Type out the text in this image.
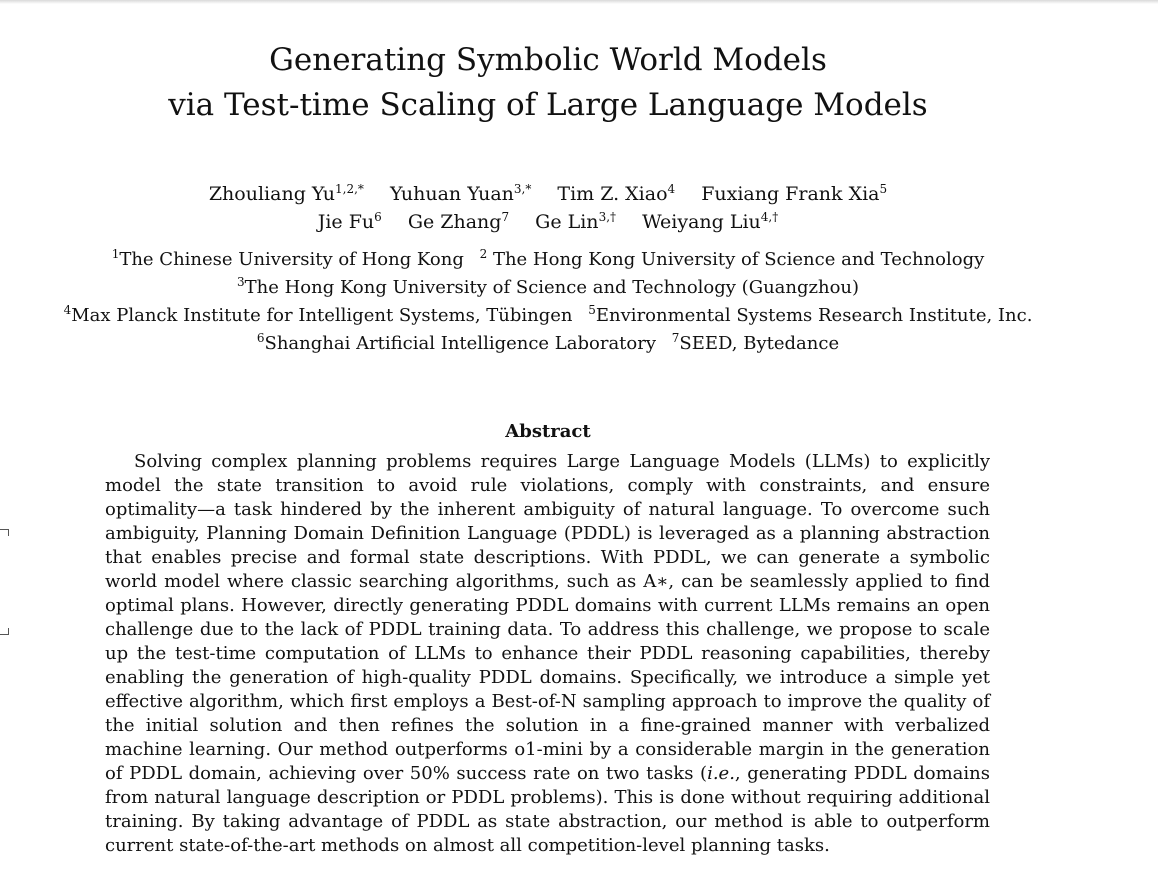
Generating Symbolic World Models
via Test-time Scaling of Large Language Models
Zhouliang $Yu^{1,2,*}$ Yuhuan Yuan$^{3,*}$ Tim Z. Xiao$^4$ Fuxiang Frank Xia$^5$
Jie Fu$^6$ Ge Zhang$^7$ Ge Lin$^{3,\dagger}$ Weiyang Liu$^{4,\dagger}$
$^1$The Chinese University of Hong Kong $^2$ The Hong Kong University of Science and Technology
$^3$The Hong Kong University of Science and Technology (Guangzhou)
$^4$Max Planck Institute for Intelligent Systems, Tübingen $^5$Environmental Systems Research Institute, Inc.
$^6$Shanghai Artificial Intelligence Laboratory $^7$SEED, Bytedance
Abstract

Solving complex planning problems requires Large Language Models (LLMs) to explicitly model the state transition to avoid rule violations, comply with constraints, and ensure optimality—a task hindered by the inherent ambiguity of natural language. To overcome such ambiguity, Planning Domain Definition Language (PDDL) is leveraged as a planning abstraction that enables precise and formal state descriptions. With PDDL, we can generate a symbolic world model where classic searching algorithms, such as A∗, can be seamlessly applied to find optimal plans. However, directly generating PDDL domains with current LLMs remains an open challenge due to the lack of PDDL training data. To address this challenge, we propose to scale up the test-time computation of LLMs to enhance their PDDL reasoning capabilities, thereby enabling the generation of high-quality PDDL domains. Specifically, we introduce a simple yet effective algorithm, which first employs a Best-of-N sampling approach to improve the quality of the initial solution and then refines the solution in a fine-grained manner with verbalized machine learning. Our method outperforms o1-mini by a considerable margin in the generation of PDDL domain, achieving over 50% success rate on two tasks (i.e., generating PDDL domains from natural language description or PDDL problems). This is done without requiring additional training. By taking advantage of PDDL as state abstraction, our method is able to outperform current state-of-the-art methods on almost all competition-level planning tasks.
